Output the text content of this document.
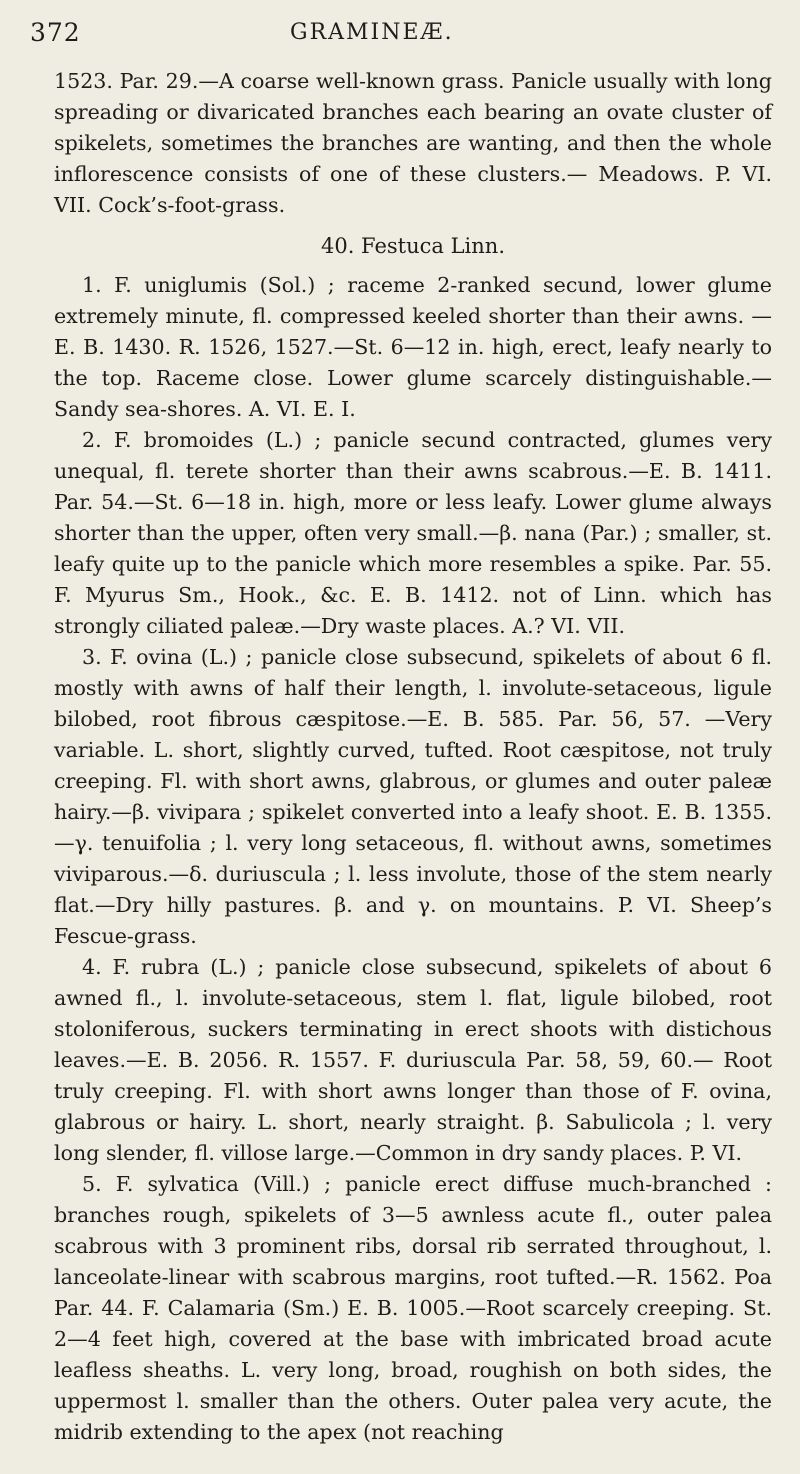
372	GRAMINEÆ.

1523. Par. 29.—A coarse well-known grass. Panicle usually with long spreading or divaricated branches each bearing an ovate cluster of spikelets, sometimes the branches are wanting, and then the whole inflorescence consists of one of these clusters.— Meadows. P. VI. VII. Cock’s-foot-grass.

40. Festuca Linn.

1. F. uniglumis (Sol.) ; raceme 2-ranked secund, lower glume extremely minute, fl. compressed keeled shorter than their awns. —E. B. 1430. R. 1526, 1527.—St. 6—12 in. high, erect, leafy nearly to the top. Raceme close. Lower glume scarcely distinguishable.—Sandy sea-shores. A. VI. E. I.

2. F. bromoides (L.) ; panicle secund contracted, glumes very unequal, fl. terete shorter than their awns scabrous.—E. B. 1411. Par. 54.—St. 6—18 in. high, more or less leafy. Lower glume always shorter than the upper, often very small.—β. nana (Par.) ; smaller, st. leafy quite up to the panicle which more resembles a spike. Par. 55. F. Myurus Sm., Hook., &c. E. B. 1412. not of Linn. which has strongly ciliated paleæ.—Dry waste places. A.? VI. VII.

3. F. ovina (L.) ; panicle close subsecund, spikelets of about 6 fl. mostly with awns of half their length, l. involute-setaceous, ligule bilobed, root fibrous cæspitose.—E. B. 585. Par. 56, 57. —Very variable. L. short, slightly curved, tufted. Root cæspitose, not truly creeping. Fl. with short awns, glabrous, or glumes and outer paleæ hairy.—β. vivipara ; spikelet converted into a leafy shoot. E. B. 1355.—γ. tenuifolia ; l. very long setaceous, fl. without awns, sometimes viviparous.—δ. duriuscula ; l. less involute, those of the stem nearly flat.—Dry hilly pastures. β. and γ. on mountains. P. VI. Sheep’s Fescue-grass.

4. F. rubra (L.) ; panicle close subsecund, spikelets of about 6 awned fl., l. involute-setaceous, stem l. flat, ligule bilobed, root stoloniferous, suckers terminating in erect shoots with distichous leaves.—E. B. 2056. R. 1557. F. duriuscula Par. 58, 59, 60.— Root truly creeping. Fl. with short awns longer than those of F. ovina, glabrous or hairy. L. short, nearly straight. β. Sabulicola ; l. very long slender, fl. villose large.—Common in dry sandy places. P. VI.

5. F. sylvatica (Vill.) ; panicle erect diffuse much-branched : branches rough, spikelets of 3—5 awnless acute fl., outer palea scabrous with 3 prominent ribs, dorsal rib serrated throughout, l. lanceolate-linear with scabrous margins, root tufted.—R. 1562. Poa Par. 44. F. Calamaria (Sm.) E. B. 1005.—Root scarcely creeping. St. 2—4 feet high, covered at the base with imbricated broad acute leafless sheaths. L. very long, broad, roughish on both sides, the uppermost l. smaller than the others. Outer palea very acute, the midrib extending to the apex (not reaching
